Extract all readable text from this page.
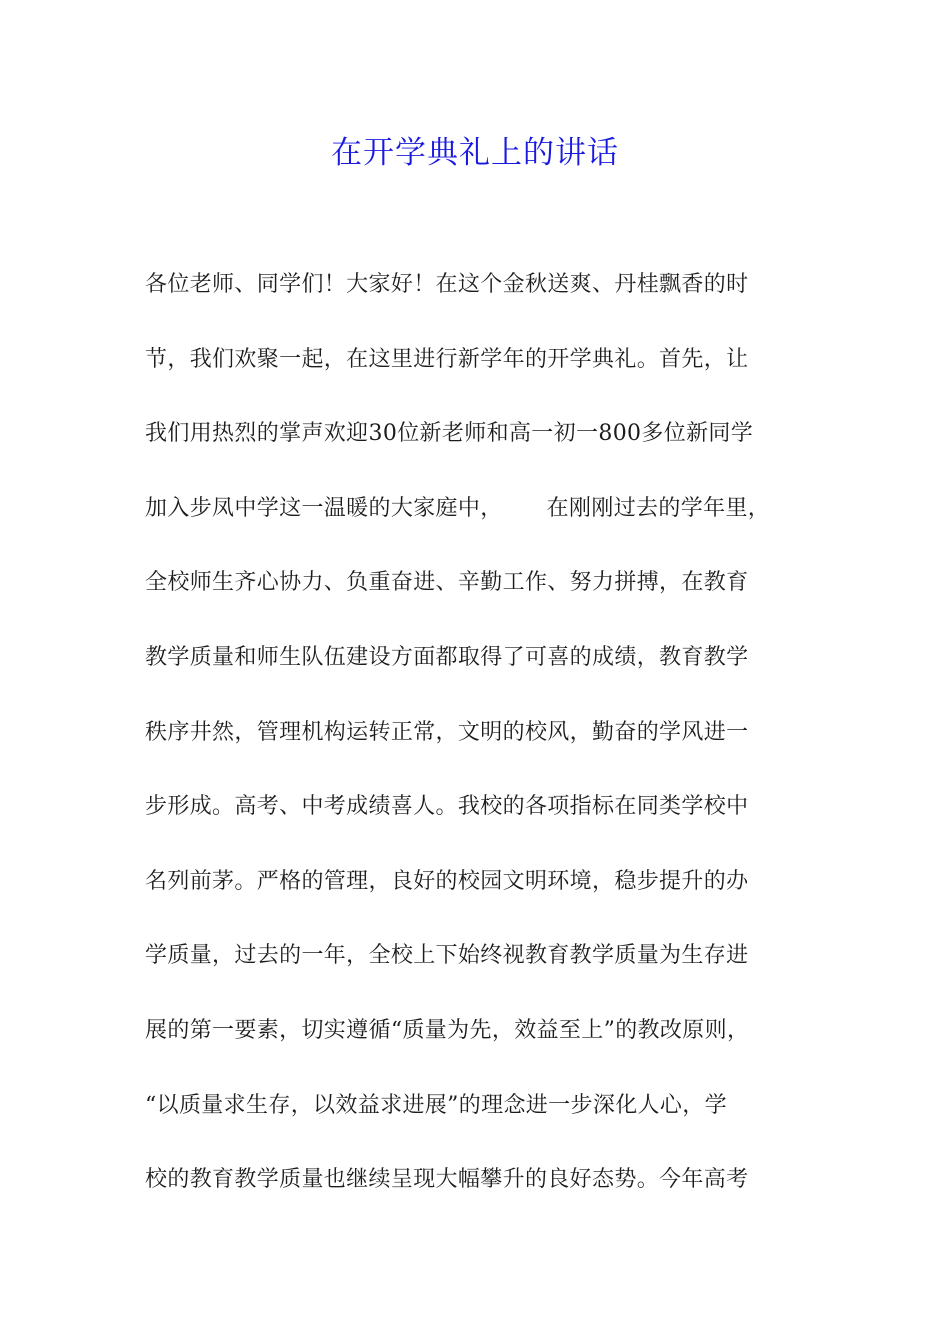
在开学典礼上的讲话
各位老师、同学们！大家好！在这个金秋送爽、丹桂飘香的时
节，我们欢聚一起，在这里进行新学年的开学典礼。首先，让
我们用热烈的掌声欢迎30位新老师和高一初一800多位新同学
加入步凤中学这一温暖的大家庭中，      在刚刚过去的学年里，
全校师生齐心协力、负重奋进、辛勤工作、努力拼搏，在教育
教学质量和师生队伍建设方面都取得了可喜的成绩，教育教学
秩序井然，管理机构运转正常，文明的校风，勤奋的学风进一
步形成。高考、中考成绩喜人。我校的各项指标在同类学校中
名列前茅。严格的管理，良好的校园文明环境，稳步提升的办
学质量，过去的一年，全校上下始终视教育教学质量为生存进
展的第一要素，切实遵循“质量为先，效益至上”的教改原则，
“以质量求生存，以效益求进展”的理念进一步深化人心，学
校的教育教学质量也继续呈现大幅攀升的良好态势。今年高考
